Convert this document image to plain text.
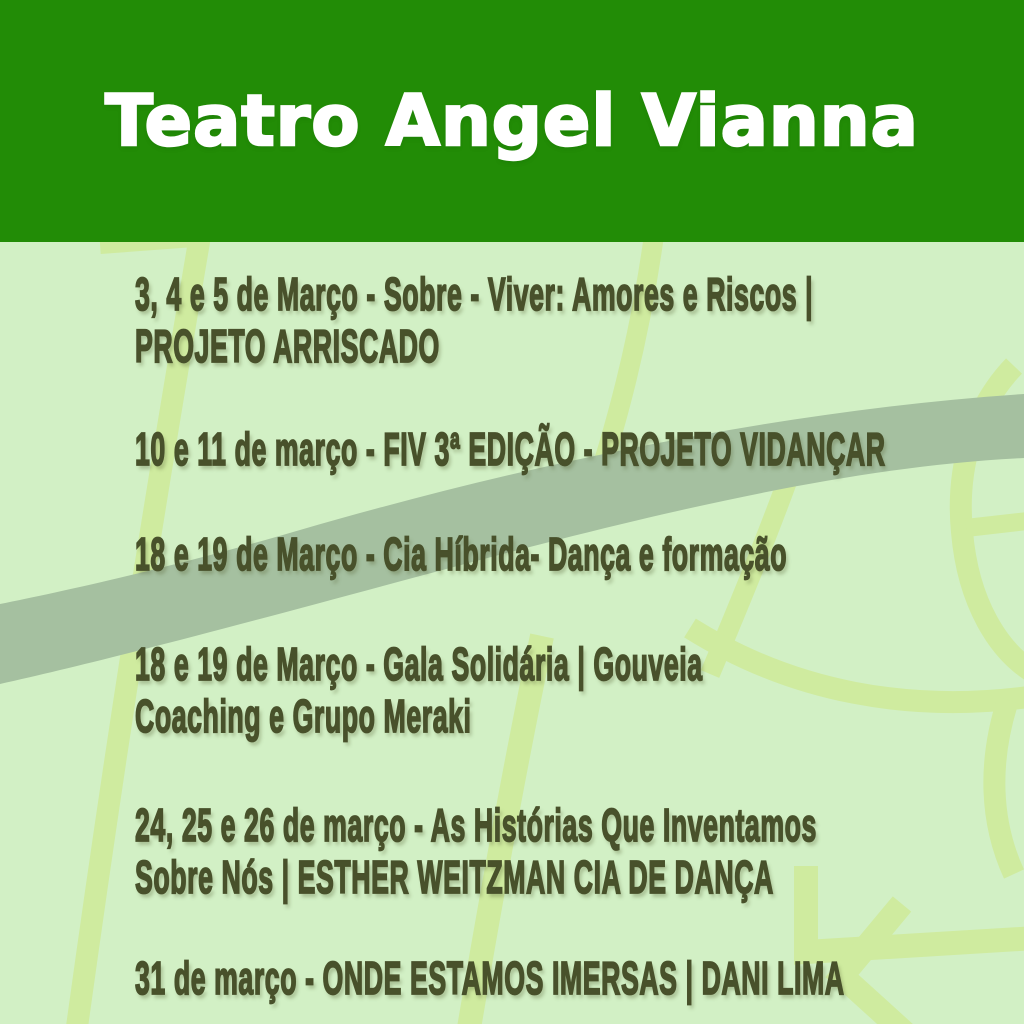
Teatro Angel Vianna
3, 4 e 5 de Março - Sobre - Viver: Amores e Riscos |
PROJETO ARRISCADO
10 e 11 de março - FIV 3ª EDIÇÃO - PROJETO VIDANÇAR
18 e 19 de Março - Cia Híbrida- Dança e formação
18 e 19 de Março - Gala Solidária | Gouveia
Coaching e Grupo Meraki
24, 25 e 26 de março - As Histórias Que Inventamos
Sobre Nós | ESTHER WEITZMAN CIA DE DANÇA
31 de março - ONDE ESTAMOS IMERSAS | DANI LIMA
